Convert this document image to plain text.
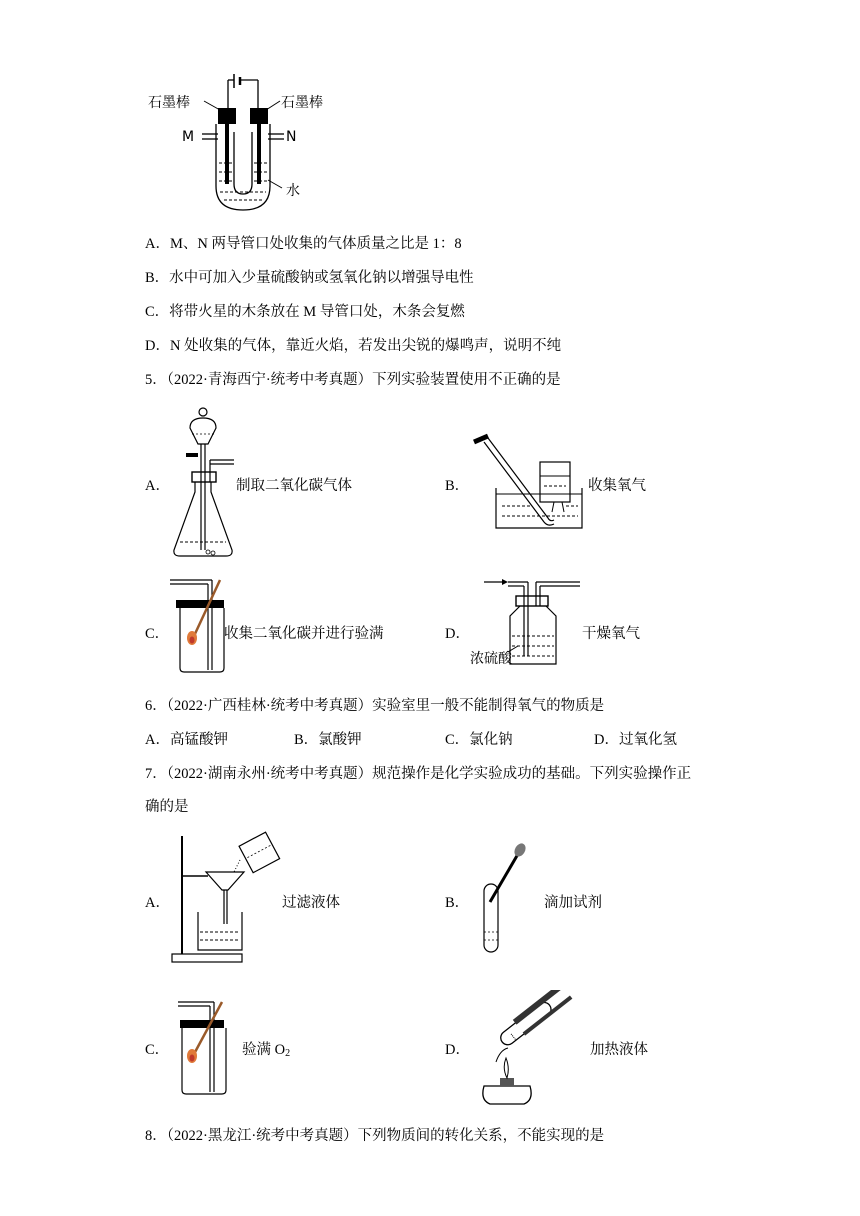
石墨棒	石墨棒
M	N
水
A．M、N 两导管口处收集的气体质量之比是 1：8
B．水中可加入少量硫酸钠或氢氧化钠以增强导电性
C．将带火星的木条放在 M 导管口处，木条会复燃
D．N 处收集的气体，靠近火焰，若发出尖锐的爆鸣声，说明不纯
5．（2022·青海西宁·统考中考真题）下列实验装置使用不正确的是
A．	制取二氧化碳气体	B．	收集氧气
C．	收集二氧化碳并进行验满	D．
浓硫酸
干燥氧气
6．（2022·广西桂林·统考中考真题）实验室里一般不能制得氧气的物质是
A．高锰酸钾	B．氯酸钾	C．氯化钠	D．过氧化氢
7．（2022·湖南永州·统考中考真题）规范操作是化学实验成功的基础。下列实验操作正
确的是
A．	过滤液体	B．	滴加试剂
C．	验满 $O_2$	D．	加热液体
8．（2022·黑龙江·统考中考真题）下列物质间的转化关系，不能实现的是
